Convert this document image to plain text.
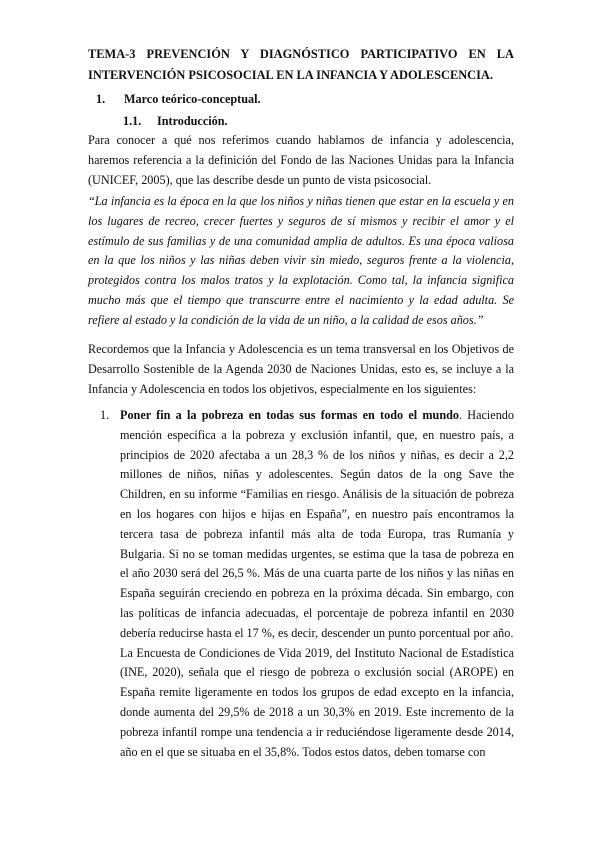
TEMA-3 PREVENCIÓN Y DIAGNÓSTICO PARTICIPATIVO EN LA INTERVENCIÓN PSICOSOCIAL EN LA INFANCIA Y ADOLESCENCIA.
1. Marco teórico-conceptual.
1.1. Introducción.
Para conocer a qué nos referimos cuando hablamos de infancia y adolescencia, haremos referencia a la definición del Fondo de las Naciones Unidas para la Infancia (UNICEF, 2005), que las describe desde un punto de vista psicosocial.
“La infancia es la época en la que los niños y niñas tienen que estar en la escuela y en los lugares de recreo, crecer fuertes y seguros de sí mismos y recibir el amor y el estímulo de sus familias y de una comunidad amplia de adultos. Es una época valiosa en la que los niños y las niñas deben vivir sin miedo, seguros frente a la violencia, protegidos contra los malos tratos y la explotación. Como tal, la infancia significa mucho más que el tiempo que transcurre entre el nacimiento y la edad adulta. Se refiere al estado y la condición de la vida de un niño, a la calidad de esos años.”
Recordemos que la Infancia y Adolescencia es un tema transversal en los Objetivos de Desarrollo Sostenible de la Agenda 2030 de Naciones Unidas, esto es, se incluye a la Infancia y Adolescencia en todos los objetivos, especialmente en los siguientes:
1. Poner fin a la pobreza en todas sus formas en todo el mundo. Haciendo mención específica a la pobreza y exclusión infantil, que, en nuestro país, a principios de 2020 afectaba a un 28,3 % de los niños y niñas, es decir a 2,2 millones de niños, niñas y adolescentes. Según datos de la ong Save the Children, en su informe “Familias en riesgo. Análisis de la situación de pobreza en los hogares con hijos e hijas en España”, en nuestro país encontramos la tercera tasa de pobreza infantil más alta de toda Europa, tras Rumanía y Bulgaria. Si no se toman medidas urgentes, se estima que la tasa de pobreza en el año 2030 será del 26,5 %. Más de una cuarta parte de los niños y las niñas en España seguirán creciendo en pobreza en la próxima década. Sin embargo, con las políticas de infancia adecuadas, el porcentaje de pobreza infantil en 2030 debería reducirse hasta el 17 %, es decir, descender un punto porcentual por año.

La Encuesta de Condiciones de Vida 2019, del Instituto Nacional de Estadística (INE, 2020), señala que el riesgo de pobreza o exclusión social (AROPE) en España remite ligeramente en todos los grupos de edad excepto en la infancia, donde aumenta del 29,5% de 2018 a un 30,3% en 2019. Este incremento de la pobreza infantil rompe una tendencia a ir reduciéndose ligeramente desde 2014, año en el que se situaba en el 35,8%. Todos estos datos, deben tomarse con
